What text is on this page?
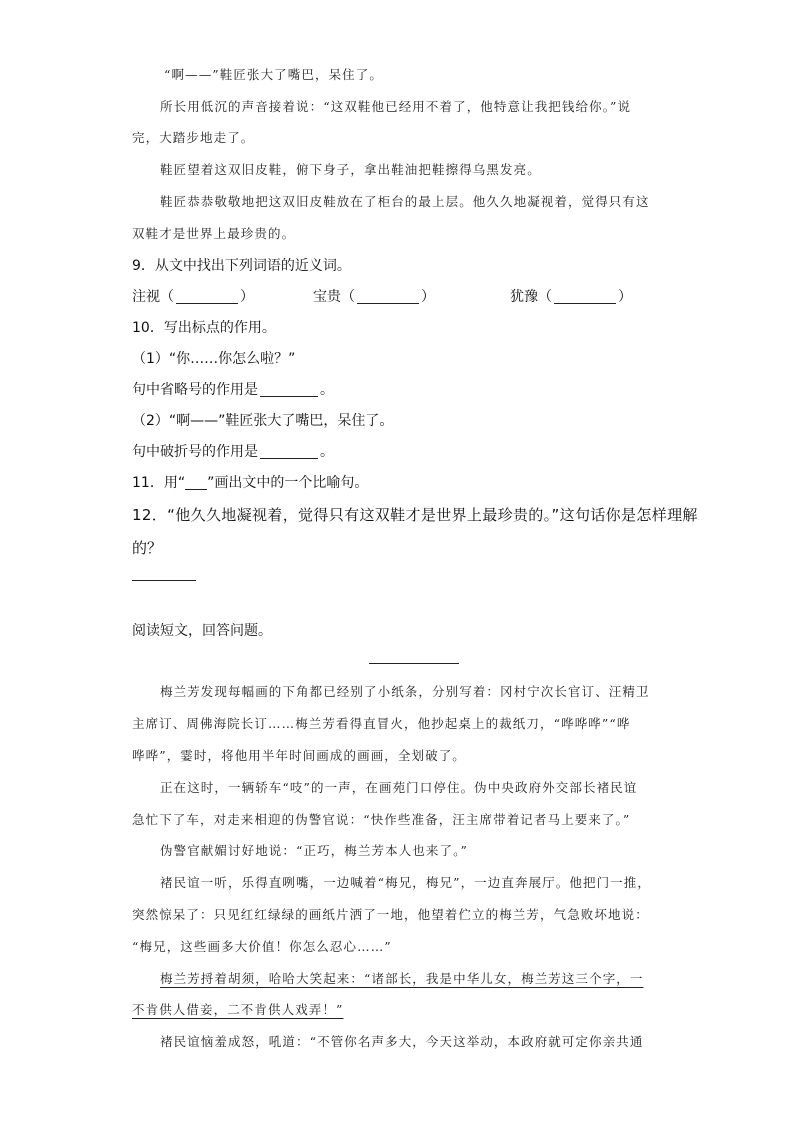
“啊——”鞋匠张大了嘴巴，呆住了。
所长用低沉的声音接着说：“这双鞋他已经用不着了，他特意让我把钱给你。”说
完，大踏步地走了。
鞋匠望着这双旧皮鞋，俯下身子，拿出鞋油把鞋擦得乌黑发亮。
鞋匠恭恭敬敬地把这双旧皮鞋放在了柜台的最上层。他久久地凝视着，觉得只有这
双鞋才是世界上最珍贵的。
9．从文中找出下列词语的近义词。
注视（	）	宝贵（	）	犹豫（	）
10．写出标点的作用。
（1）“你……你怎么啦？”
句中省略号的作用是	。
（2）“啊——”鞋匠张大了嘴巴，呆住了。
句中破折号的作用是	。
11．用“ ”画出文中的一个比喻句。
12．“他久久地凝视着，觉得只有这双鞋才是世界上最珍贵的。”这句话你是怎样理解
的？
阅读短文，回答问题。
梅兰芳发现每幅画的下角都已经别了小纸条，分别写着：冈村宁次长官订、汪精卫
主席订、周佛海院长订……梅兰芳看得直冒火，他抄起桌上的裁纸刀，“哗哗哗”“哗
哗哗”，霎时，将他用半年时间画成的画画，全划破了。
正在这时，一辆轿车“吱”的一声，在画苑门口停住。伪中央政府外交部长褚民谊
急忙下了车，对走来相迎的伪警官说：“快作些准备，汪主席带着记者马上要来了。”
伪警官献媚讨好地说：“正巧，梅兰芳本人也来了。”
褚民谊一听，乐得直咧嘴，一边喊着“梅兄，梅兄”，一边直奔展厅。他把门一推，
突然惊呆了：只见红红绿绿的画纸片洒了一地，他望着伫立的梅兰芳，气急败坏地说：
“梅兄，这些画多大价值！你怎么忍心……”
梅兰芳捋着胡须，哈哈大笑起来：“诸部长，我是中华儿女，梅兰芳这三个字，一
不肯供人借妾，二不肯供人戏弄！”
褚民谊恼羞成怒，吼道：“不管你名声多大，今天这举动，本政府就可定你亲共通
